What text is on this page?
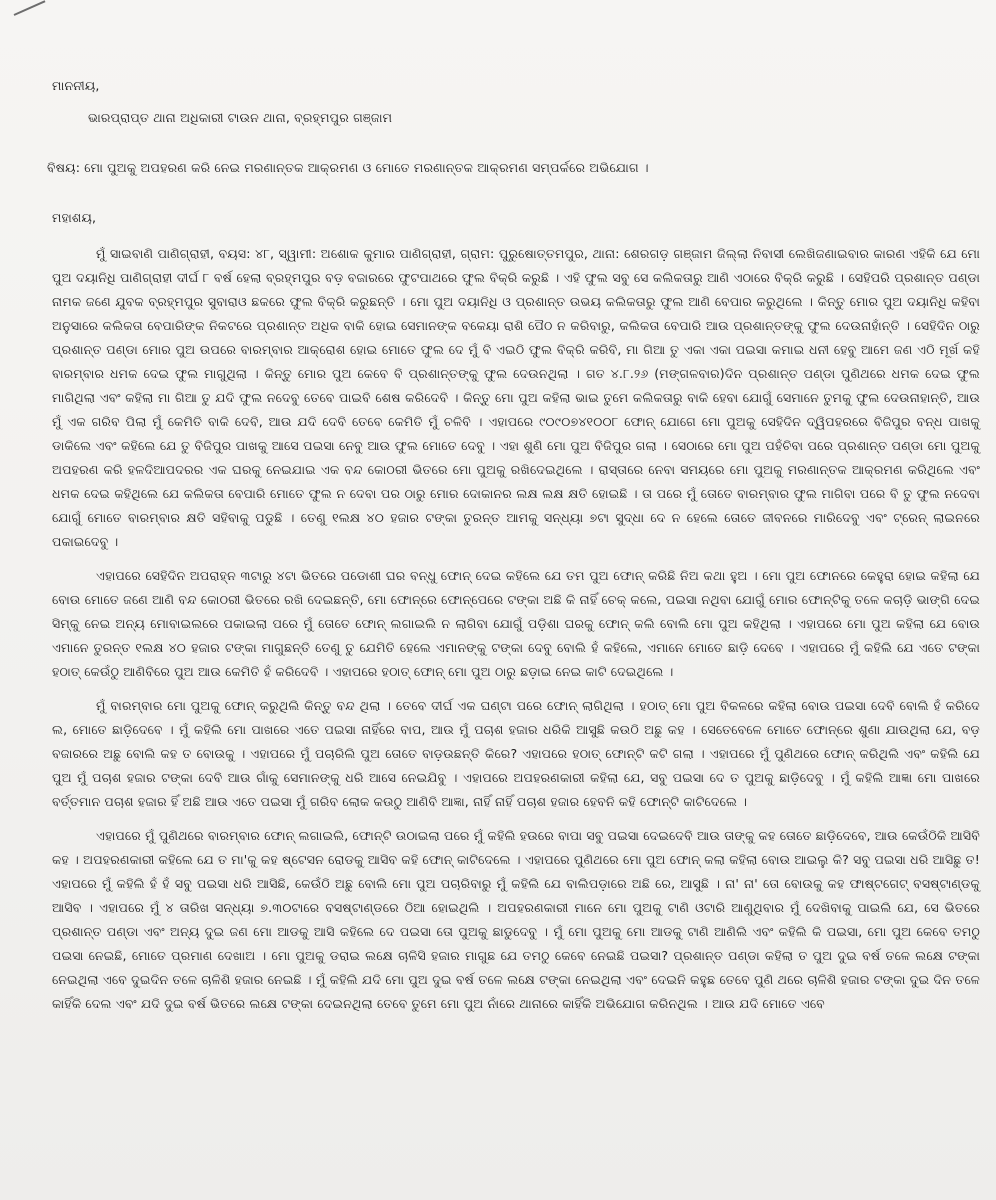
ମାନନୀୟ,

ଭାରପ୍ରାପ୍ତ ଥାନା ଅଧିକାରୀ ଟାଉନ ଥାନା, ବ୍ରହ୍ମପୁର ଗଞ୍ଜାମ

ବିଷୟ: ମୋ ପୁଅକୁ ଅପହରଣ କରି ନେଇ ମରଣାନ୍ତକ ଆକ୍ରମଣ ଓ ମୋତେ ମରଣାନ୍ତକ ଆକ୍ରମଣ ସମ୍ପର୍କରେ ଅଭିଯୋଗ ।

ମହାଶୟ,

ମୁଁ ସାଇବାଣି ପାଣିଗ୍ରାହୀ, ବୟସ: ୪୮, ସ୍ୱାମୀ: ଅଶୋକ କୁମାର ପାଣିଗ୍ରାହୀ, ଗ୍ରାମ: ପୁରୁଷୋତ୍ତମପୁର, ଥାନା: ଶେରଗଡ଼ ଗଞ୍ଜାମ ଜିଲ୍ଲା ନିବାସୀ ଲେଖିଜଣାଇବାର କାରଣ ଏହିକି ଯେ ମୋ ପୁଅ ଦୟାନିଧି ପାଣିଗ୍ରାହୀ ଦୀର୍ଘ ୮ ବର୍ଷ ହେଲା ବ୍ରହ୍ମପୁର ବଡ଼ ବଜାରରେ ଫୁଟପାଥରେ ଫୁଲ ବିକ୍ରି କରୁଛି । ଏହି ଫୁଲ ସବୁ ସେ କଲିକତାରୁ ଆଣି ଏଠାରେ ବିକ୍ରି କରୁଛି । ସେହିପରି ପ୍ରଶାନ୍ତ ପଣ୍ଡା ନାମକ ଜଣେ ଯୁବକ ବ୍ରହ୍ମପୁର ସୁବାରାଓ ଛକରେ ଫୁଲ ବିକ୍ରି କରୁଛନ୍ତି । ମୋ ପୁଅ ଦୟାନିଧି ଓ ପ୍ରଶାନ୍ତ ଉଭୟ କଲିକତାରୁ ଫୁଲ ଆଣି ବେପାର କରୁଥିଲେ । କିନ୍ତୁ ମୋର ପୁଅ ଦୟାନିଧି କହିବା ଅନୁସାରେ କଲିକତା ବେପାରିଙ୍କ ନିକଟରେ ପ୍ରଶାନ୍ତ ଅଧିକ ବାକି ହୋଇ ସେମାନଙ୍କ ବକେୟା ରାଶି ପୈଠ ନ କରିବାରୁ, କଲିକତା ବେପାରି ଆଉ ପ୍ରଶାନ୍ତଙ୍କୁ ଫୁଲ ଦେଉନାହାଁନ୍ତି । ସେହିଦିନ ଠାରୁ ପ୍ରଶାନ୍ତ ପଣ୍ଡା ମୋର ପୁଅ ଉପରେ ବାରମ୍ବାର ଆକ୍ରୋଶ ହୋଇ ମୋତେ ଫୁଲ ଦେ ମୁଁ ବି ଏଇଠି ଫୁଲ ବିକ୍ରି କରିବି, ମା ଗିଆ ତୁ ଏକା ଏକା ପଇସା କମାଇ ଧନୀ ହେବୁ ଆମେ ଜଣ ଏଠି ମୂର୍ଖ କହି ବାରମ୍ବାର ଧମକ ଦେଇ ଫୁଲ ମାଗୁଥିଲା । କିନ୍ତୁ ମୋର ପୁଅ କେବେ ବି ପ୍ରଶାନ୍ତଙ୍କୁ ଫୁଲ ଦେଉନଥିଲା । ଗତ ୪.୮.୨୬ (ମଙ୍ଗଳବାର)ଦିନ ପ୍ରଶାନ୍ତ ପଣ୍ଡା ପୁଣିଥରେ ଧମକ ଦେଇ ଫୁଲ ମାଗିଥିଲା ଏବଂ କହିଲା ମା ଗିଆ ତୁ ଯଦି ଫୁଲ ନଦେବୁ ତେବେ ପାଇବି ଶେଷ କରିଦେବି । କିନ୍ତୁ ମୋ ପୁଅ କହିଲା ଭାଇ ତୁମେ କଲିକତାରୁ ବାକି ହେବା ଯୋଗୁଁ ସେମାନେ ତୁମକୁ ଫୁଲ ଦେଉନାହାନ୍ତି, ଆଉ ମୁଁ ଏକ ଗରିବ ପିଲା ମୁଁ କେମିତି ବାକି ଦେବି, ଆଉ ଯଦି ଦେବି ତେବେ କେମିତି ମୁଁ ଚଳିବି । ଏହାପରେ ୯୦୯୦୭୪୧୦୦୮ ଫୋନ୍ ଯୋଗେ ମୋ ପୁଅକୁ ସେହିଦିନ ଦ୍ୱିପହରରେ ବିଜିପୁର ବନ୍ଧ ପାଖକୁ ଡାକିଲେ ଏବଂ କହିଲେ ଯେ ତୁ ବିଜିପୁର ପାଖକୁ ଆସେ ପଇସା ନେବୁ ଆଉ ଫୁଲ ମୋତେ ଦେବୁ । ଏହା ଶୁଣି ମୋ ପୁଅ ବିଜିପୁର ଗଲା । ସେଠାରେ ମୋ ପୁଅ ପହଁଚିବା ପରେ ପ୍ରଶାନ୍ତ ପଣ୍ଡା ମୋ ପୁଅକୁ ଅପହରଣ କରି ହଳଦିଆପଦରର ଏକ ଘରକୁ ନେଇଯାଇ ଏକ ବନ୍ଦ କୋଠରୀ ଭିତରେ ମୋ ପୁଅକୁ ରଖିଦେଇଥିଲେ । ରାସ୍ତାରେ ନେବା ସମୟରେ ମୋ ପୁଅକୁ ମରଣାନ୍ତକ ଆକ୍ରମଣ କରିଥିଲେ ଏବଂ ଧମକ ଦେଇ କହିଥିଲେ ଯେ କଲିକତା ବେପାରି ମୋତେ ଫୁଲ ନ ଦେବା ପର ଠାରୁ ମୋର ଦୋକାନର ଲକ୍ଷ ଲକ୍ଷ କ୍ଷତି ହୋଇଛି । ତା ପରେ ମୁଁ ତୋତେ ବାରମ୍ବାର ଫୁଲ ମାଗିବା ପରେ ବି ତୁ ଫୁଲ ନଦେବା ଯୋଗୁଁ ମୋତେ ବାରମ୍ବାର କ୍ଷତି ସହିବାକୁ ପଡୁଛି । ତେଣୁ ୧ଲକ୍ଷ ୪୦ ହଜାର ଟଙ୍କା ତୁରନ୍ତ ଆମକୁ ସନ୍ଧ୍ୟା ୭ଟା ସୁଦ୍ଧା ଦେ ନ ହେଲେ ତୋତେ ଜୀବନରେ ମାରିଦେବୁ ଏବଂ ଟ୍ରେନ୍ ଲାଇନରେ ପକାଇଦେବୁ ।

ଏହାପରେ ସେହିଦିନ ଅପରାହ୍ନ ୩ଟାରୁ ୪ଟା ଭିତରେ ପଡୋଶୀ ଘର ବନ୍ଧୁ ଫୋନ୍ ଦେଇ କହିଲେ ଯେ ତମ ପୁଅ ଫୋନ୍ କରିଛି ନିଅ କଥା ହୁଅ । ମୋ ପୁଅ ଫୋନରେ କେହୁରା ହୋଇ କହିଲା ଯେ ବୋଉ ମୋତେ ଜଣେ ଆଣି ବନ୍ଦ କୋଠରୀ ଭିତରେ ରଖି ଦେଇଛନ୍ତି, ମୋ ଫୋନ୍‌ରେ ଫୋନ୍‌ପେରେ ଟଙ୍କା ଅଛି କି ନାହିଁ ଚେକ୍ କଲେ, ପଇସା ନଥିବା ଯୋଗୁଁ ମୋର ଫୋନ୍‌ଟିକୁ ତଳେ କଚାଡ଼ି ଭାଙ୍ଗି ଦେଇ ସିମ୍‌କୁ ନେଇ ଅନ୍ୟ ମୋବାଇଲରେ ପକାଇଲା ପରେ ମୁଁ ତୋତେ ଫୋନ୍ ଲଗାଇଲି ନ ଲାଗିବା ଯୋଗୁଁ ପଡ଼ିଶା ଘରକୁ ଫୋନ୍ କଲି ବୋଲି ମୋ ପୁଅ କହିଥିଲା । ଏହାପରେ ମୋ ପୁଅ କହିଲା ଯେ ବୋଉ ଏମାନେ ତୁରନ୍ତ ୧ଲକ୍ଷ ୪୦ ହଜାର ଟଙ୍କା ମାଗୁଛନ୍ତି ତେଣୁ ତୁ ଯେମିତି ହେଲେ ଏମାନଙ୍କୁ ଟଙ୍କା ଦେବୁ ବୋଲି ହଁ କହିଲେ, ଏମାନେ ମୋତେ ଛାଡ଼ି ଦେବେ । ଏହାପରେ ମୁଁ କହିଲି ଯେ ଏତେ ଟଙ୍କା ହଠାତ୍ କେଉଁଠୁ ଆଣିବିରେ ପୁଅ ଆଉ କେମିତି ହଁ କରିଦେବି । ଏହାପରେ ହଠାତ୍ ଫୋନ୍ ମୋ ପୁଅ ଠାରୁ ଛଡ଼ାଇ ନେଇ କାଟି ଦେଇଥିଲେ ।

ମୁଁ ବାରମ୍ବାର ମୋ ପୁଅକୁ ଫୋନ୍ କରୁଥିଲି କିନ୍ତୁ ବନ୍ଦ ଥିଲା । ତେବେ ଦୀର୍ଘ ଏକ ଘଣ୍ଟା ପରେ ଫୋନ୍ ଲାଗିଥିଲା । ହଠାତ୍ ମୋ ପୁଅ ବିକଳରେ କହିଲା ବୋଉ ପଇସା ଦେବି ବୋଲି ହଁ କରିଦେ ଲ, ମୋତେ ଛାଡ଼ିଦେବେ । ମୁଁ କହିଲି ମୋ ପାଖରେ ଏତେ ପଇସା ନାହିଁରେ ବାପ, ଆଉ ମୁଁ ପଚାଶ ହଜାର ଧରିକି ଆସୁଛି କଉଠି ଅଛୁ କହ । ସେତେବେଳେ ମୋତେ ଫୋନ୍‌ରେ ଶୁଣା ଯାଉଥିଲା ଯେ, ବଡ଼ ବଜାରରେ ଅଛୁ ବୋଲି କହ ତ ବୋଉକୁ । ଏହାପରେ ମୁଁ ପଚାରିଲି ପୁଅ ତୋତେ ବାଡ଼ଉଛନ୍ତି କିରେ? ଏହାପରେ ହଠାତ୍ ଫୋନ୍‌ଟି କଟି ଗଲା । ଏହାପରେ ମୁଁ ପୁଣିଥରେ ଫୋନ୍ କରିଥିଲି ଏବଂ କହିଲି ଯେ ପୁଅ ମୁଁ ପଚାଶ ହଜାର ଟଙ୍କା ଦେବି ଆଉ ଗାଁକୁ ସେମାନଙ୍କୁ ଧରି ଆସେ ନେଇଯିବୁ । ଏହାପରେ ଅପହରଣକାରୀ କହିଲା ଯେ, ସବୁ ପଇସା ଦେ ତ ପୁଅକୁ ଛାଡ଼ିଦେବୁ । ମୁଁ କହିଲି ଆଜ୍ଞା ମୋ ପାଖରେ ବର୍ତ୍ତମାନ ପଚାଶ ହଜାର ହିଁ ଅଛି ଆଉ ଏତେ ପଇସା ମୁଁ ଗରିବ ଲୋକ କଉଠୁ ଆଣିବି ଆଜ୍ଞା, ନାହିଁ ନାହିଁ ପଚାଶ ହଜାର ହେବନି କହି ଫୋନ୍‌ଟି କାଟିଦେଲେ ।

ଏହାପରେ ମୁଁ ପୁଣିଥରେ ବାରମ୍ବାର ଫୋନ୍ ଲଗାଇଲି, ଫୋନ୍‌ଟି ଉଠାଇଲା ପରେ ମୁଁ କହିଲି ହଉରେ ବାପା ସବୁ ପଇସା ଦେଇଦେବି ଆଉ ତାଙ୍କୁ କହ ତୋତେ ଛାଡ଼ିଦେବେ, ଆଉ କେଉଁଠିକି ଆସିବି କହ । ଅପହରଣକାରୀ କହିଲେ ଯେ ତ ମା'କୁ କହ ଷ୍ଟେସନ ରୋଡକୁ ଆସିବ କହି ଫୋନ୍ କାଟିଦେଲେ । ଏହାପରେ ପୁଣିଥରେ ମୋ ପୁଅ ଫୋନ୍ କଲା କହିଲା ବୋଉ ଆଇଲୁ କି? ସବୁ ପଇସା ଧରି ଆସିଛୁ ତ! ଏହାପରେ ମୁଁ କହିଲି ହଁ ହଁ ସବୁ ପଇସା ଧରି ଆସିଛି, କେଉଁଠି ଅଛୁ ବୋଲି ମୋ ପୁଅ ପଚାରିବାରୁ ମୁଁ କହିଲି ଯେ ବାଲିପଡ଼ାରେ ଅଛି ରେ, ଆସୁଛି । ନା' ନା' ତୋ ବୋଉକୁ କହ ଫାଷ୍ଟଗେଟ୍ ବସଷ୍ଟାଣ୍ଡକୁ ଆସିବ । ଏହାପରେ ମୁଁ ୪ ତାରିଖ ସନ୍ଧ୍ୟା ୭.୩୦ଟାରେ ବସଷ୍ଟାଣ୍ଡରେ ଠିଆ ହୋଇଥିଲି । ଅପହରଣକାରୀ ମାନେ ମୋ ପୁଅକୁ ଟାଣି ଓଟାରି ଆଣୁଥିବାର ମୁଁ ଦେଖିବାକୁ ପାଇଲି ଯେ, ସେ ଭିତରେ ପ୍ରଶାନ୍ତ ପଣ୍ଡା ଏବଂ ଅନ୍ୟ ଦୁଇ ଜଣ ମୋ ଆଡକୁ ଆସି କହିଲେ ଦେ ପଇସା ତୋ ପୁଅକୁ ଛାଡୁଦେବୁ । ମୁଁ ମୋ ପୁଅକୁ ମୋ ଆଡକୁ ଟାଣି ଆଣିଲି ଏବଂ କହିଲି କି ପଇସା, ମୋ ପୁଅ କେବେ ତମଠୁ ପଇସା ନେଇଛି, ମୋତେ ପ୍ରମାଣ ଦେଖାଅ । ମୋ ପୁଅକୁ ଡରାଇ ଲକ୍ଷେ ଚାଳିସି ହଜାର ମାଗୁଛ ଯେ ତମଠୁ କେବେ ନେଇଛି ପଇସା? ପ୍ରଶାନ୍ତ ପଣ୍ଡା କହିଲା ତ ପୁଅ ଦୁଇ ବର୍ଷ ତଳେ ଲକ୍ଷେ ଟଙ୍କା ନେଇଥିଲା ଏବେ ଦୁଇଦିନ ତଳେ ଚାଳିଶି ହଜାର ନେଇଛି । ମୁଁ କହିଲି ଯଦି ମୋ ପୁଅ ଦୁଇ ବର୍ଷ ତଳେ ଲକ୍ଷେ ଟଙ୍କା ନେଇଥିଲା ଏବଂ ଦେଇନି କହୁଛ ତେବେ ପୁଣି ଥରେ ଚାଳିଶି ହଜାର ଟଙ୍କା ଦୁଇ ଦିନ ତଳେ କାହିଁକି ଦେଲ ଏବଂ ଯଦି ଦୁଇ ବର୍ଷ ଭିତରେ ଲକ୍ଷେ ଟଙ୍କା ଦେଇନଥିଲା ତେବେ ତୁମେ ମୋ ପୁଅ ନାଁରେ ଥାନାରେ କାହିଁକି ଅଭିଯୋଗ କରିନଥିଲ । ଆଉ ଯଦି ମୋତେ ଏବେ
